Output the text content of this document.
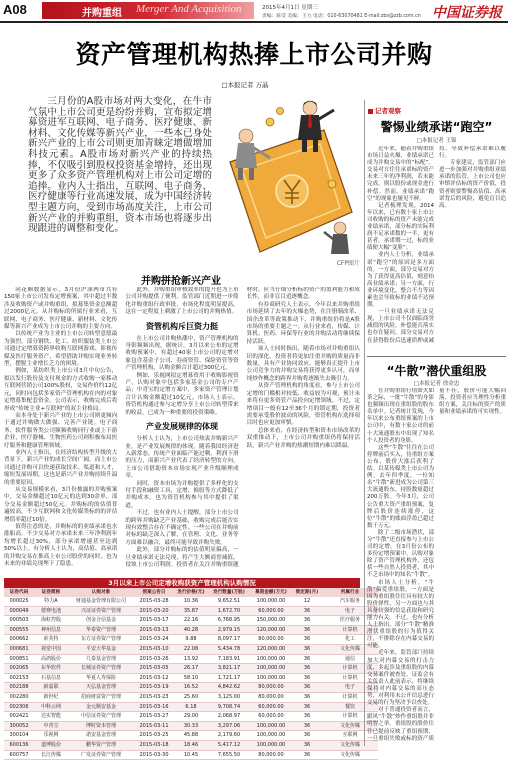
A08	并购重组 Merger And Acquisition	2015年4月1日 星期三
责编：陈莹 美编：王力 电话：010-63070481 E-mail:zbs@zzb.com.cn 中国证券报
资产管理机构热捧上市公司并购
□本报记者 万晶
三月份的A股市场对两大变化，在牛市气氛中上市公司更是纷纷并购，宣布拟定增募资进军互联网、电子商务、医疗健康、新材料、文化传媒等新兴产业，一些本已身处新兴产业的上市公司则更加青睐定增做增加科技元素。A股市场对新兴产业的持续热捧，不仅吸引到股权投资基金增持，还出现更多了众多资产管理机构对上市公司定增的追捧。业内人士指出，互联网、电子商务、医疗健康等行业高速发展，成为中国经济转型主题方向，受到市场高度关注，上市公司新兴产业的并购重组，资本市场也将逐步出现跟进的调整和变化。
CFP图片
并购拼抢新兴产业

同花顺数据显示，3月份沪深两市共有150家上市公司发布定增预案，其中超过半数涉及收购资产或并购重组，拟募集资金总额超过2000亿元。从并购标的所属行业来看，互联网、电子商务、医疗健康、新材料、文化传媒等新兴产业成为上市公司并购的主要方向。

以传统产业为主业的上市公司转型意愿最为强烈。部分钢铁、化工、纺织服装类上市公司通过定增募资跨界收购互联网游戏、影视传媒及医疗服务资产，希望借助并购实现业务转型，摆脱主业增长乏力的困境。

例如，某纺织类上市公司3月中旬公告，拟以发行股份及支付现金的方式收购一家移动互联网营销公司100%股权，交易作价约12亿元，同时向包括多家资产管理机构在内的对象定增募集配套资金。公司表示，收购完成后将形成“传统主业+互联网”的双主业格局。

而本身处于新兴产业的上市公司则更倾向于通过并购做大做强、完善产业链。电子商务、软件服务类公司频频收购同行业或上下游企业，医疗器械、生物医药公司则积极布局医疗服务和健康管理领域。

业内人士指出，在经济结构转型升级的大背景下，新兴产业的成长空间广阔，而上市公司通过并购可以快速获取技术、渠道和人才，缩短发展周期，这也是新兴产业并购持续升温的重要原因。

从交易规模来看，3月份披露的并购预案中，交易金额超过10亿元的达到30余单，部分交易金额超过50亿元。并购标的的估值普遍较高，不少互联网和文化传媒类标的的评估增值率超过10倍。

值得注意的是，并购标的的业绩承诺也水涨船高。不少交易对方承诺未来三年净利润年均增长超过30%，部分承诺增速甚至达到50%以上。有分析人士认为，高估值、高承诺的并购交易在推高上市公司股价的同时，也为未来的业绩兑现埋下了隐患。

此外，并购重组审核效率的提升也为上市公司并购提供了便利。监管部门近期进一步简化并购重组行政审批，市场化程度明显提高，这在一定程度上刺激了上市公司的并购热情。

资管机构斥巨资力挺

在上市公司并购热潮中，资产管理机构的身影频频出现。据统计，3月以来公布的定增收购预案中，有超过40家上市公司的定增对象包含基金子公司、券商资管、保险资管等资产管理机构，认购金额合计超过300亿元。

例如，乐视网拟定增募资用于收购影视资产，认购对象中包括多家基金公司的专户产品；中青宝的定增方案中，多家资产管理计划合计认购金额超过10亿元。市场人士表示，资管机构通过参与定增分享上市公司转型带来的收益，已成为一种重要的投资策略。

产业发展规律的体现

分析人士认为，上市公司热衷并购新兴产业，是产业发展规律的体现。随着我国经济进入新常态，传统产业面临产能过剩、利润下滑的压力，而新兴产业代表了经济转型的方向，上市公司借助资本市场实现产业升级顺理成章。

同时，资本市场为并购提供了多样化的支付手段和融资工具，定增、换股等方式降低了并购成本，也为资管机构参与其中提供了渠道。

不过，也有业内人士提醒，部分上市公司的跨界并购缺乏产业基础，收购完成后能否实现有效整合存在不确定性。一些公司在并购前对标的缺乏深入了解，在管理、文化、业务等方面难以融合，最终可能导致并购失败。

此外，部分并购标的的估值明显偏高，一旦业绩承诺无法兑现，将产生大额商誉减值，侵蚀上市公司利润。投资者在关注并购重组题材时，应当仔细分析标的资产的盈利能力和成长性，而非盲目追逐概念。

有券商研究人士表示，今年以来并购重组市场延续了去年的火爆态势，在注册制改革、国企改革等政策推动下，并购重组仍将是A股市场的重要主题之一。从行业来看，传媒、计算机、医药、环保等行业的并购活动将继续保持活跃。

该人士同时指出，随着市场对并购重组认识的深化，投资者将更加注重并购的质量而非数量，具有产业协同效应、能够真正提升上市公司竞争力的并购交易将获得更多认可，而单纯炒作概念的跨界并购将逐渐失去吸引力。

从资产管理机构的角度看，参与上市公司定增的门槛相对较低、收益较为可观，预计未来将有更多资管产品投向定增领域。不过，定增项目一般有12至36个月的锁定期，投资者需要承受股价波动的风险，资管机构在选择项目时也应更加审慎。

总体来看，在经济转型和资本市场改革的双重推动下，上市公司并购重组仍将保持活跃，新兴产业并购的热潮短期内难以降温。

3月以来上市公司定增收购获资产管理机构认购情况
证券代码	证券简称	认购对象	预案公告日	发行价格(元)	发行数量(万股)	募资金额(万元)	锁定期(月)	所属行业
000025	特力A	财通基金管理有限公司	2015-03-28	10.36	9,652.51	100,000.00	12	汽车服务
000049	德赛电池	兴证证券资产管理	2015-03-20	35.87	1,672.70	60,000.00	36	电子
000503	海虹控股	创金合信基金	2015-03-17	22.16	6,768.95	150,000.00	36	医疗服务
000555	神州信息	华泰资产管理	2015-03-13	40.28	2,979.15	120,000.00	36	计算机
000662	索芙特	东方证券资产管理	2015-03-24	9.88	8,097.17	80,000.00	36	化工
000681	视觉中国	平安大华基金	2015-03-10	22.08	5,434.78	120,000.00	36	文化传媒
000851	高鸿股份	九泰基金管理	2015-03-26	13.92	7,183.91	100,000.00	36	通信
002065	东华软件	长城证券资产管理	2015-03-05	26.17	3,821.17	100,000.00	36	计算机
002153	石基信息	华夏人寿保险	2015-03-12	58.10	1,721.17	100,000.00	36	计算机
002188	新嘉联	天弘基金管理	2015-03-19	16.52	4,842.62	80,000.00	36	电子
002280	新世纪	招商财富资产管理	2015-03-23	25.60	3,125.00	80,000.00	36	计算机
002306	中科云网	金元顺安基金	2015-03-16	6.18	9,708.74	60,000.00	36	餐饮
002421	达实智能	中信证券资产管理	2015-03-27	29.00	2,068.97	60,000.00	36	计算机
300052	中青宝	博时资本管理	2015-03-11	30.33	3,297.06	100,000.00	36	文化传媒
300104	乐视网	诺安基金管理	2015-03-25	45.88	2,179.60	100,000.00	36	互联网
600136	道博股份	鹏华资产管理	2015-03-18	18.46	5,417.12	100,000.00	36	文化传媒
600757	长江传媒	广发证券资产管理	2015-03-30	10.45	7,655.50	80,000.00	36	文化传媒
记者观察
警惕业绩承诺“跑空”
□本报记者 王锦

近年来，随着并购重组市场日益火爆，业绩承诺已成为并购交易中的“标配”。交易对方往往承诺标的资产未来三年的净利润，若未能完成，则以股份或现金进行补偿。然而，业绩承诺“跑空”的现象也屡见不鲜。

记者梳理发现，2014年以来，已有数十家上市公司收购的标的资产未能完成业绩承诺，部分标的实际利润不足承诺数的一半。更有甚者，承诺期一过，标的业绩便大幅“变脸”。

业内人士分析，业绩承诺“跑空”的原因是多方面的。一方面，部分交易对方为了获得更高估值，刻意抬高业绩承诺；另一方面，行业环境变化、整合不力等因素也会导致标的业绩不达预期。

一旦业绩承诺无法兑现，上市公司不仅面临商誉减值的风险，补偿能否落实也存在疑问。部分交易对方在获得股份后迅速质押或减持，导致补偿承诺难以履行。

专家建议，监管部门应进一步加强对并购重组业绩承诺的监管，上市公司也应审慎评估标的资产价值，投资者则要警惕高估值、高承诺背后的风险，避免盲目追高。

“牛散”潜伏重组股
□本报记者 徐金忠

在并购重组行情如火如荼之际，一批“牛散”的身影也频频出现在重组股的股东名单中。记者统计发现，今年以来公布重组预案的上市公司中，有数十家公司的前十大流通股东中出现了知名个人投资者的身影。

这些“牛散”往往在公司停牌前后买入，待重组方案公布、股价大涨后获利了结。以某传媒类上市公司为例，去年四季度，一位知名“牛散”新进成为公司第三大流通股东，持股数量超过200万股。今年3月，公司公告重大资产重组预案，复牌后股价连续涨停，这位“牛散”的账面浮盈已超过数千万元。

除了二级市场潜伏，部分“牛散”还直接参与上市公司的定增。在3月份公布的多份定增预案中，认购对象除了资产管理机构外，还包括一些自然人投资者，其中不乏市场中的知名“牛散”。

市场人士分析，“牛散”偏爱重组股，一方面是因为重组股往往具有较大的股价弹性，另一方面也与其具备较强的信息获取和研究能力有关。不过，也有分析人士指出，部分“牛散”精准潜伏重组股的行为值得关注，不排除存在内幕交易的可能。

近年来，监管部门持续加大对内幕交易的打击力度，多起涉及重组股的内幕交易案件被查处。证监会有关负责人此前表示，将继续保持对内幕交易的高压态势，对利用未公开信息进行交易的行为坚决予以查处。

对于普通投资者而言，跟风“牛散”炒作重组股并非明智之举。重组股的股价往往已提前反映了重组预期，一旦重组失败或标的资产质量不佳，股价可能大幅回落。投资者应当理性分析重组方案，关注标的资产的质量和业绩承诺的可实现性。
